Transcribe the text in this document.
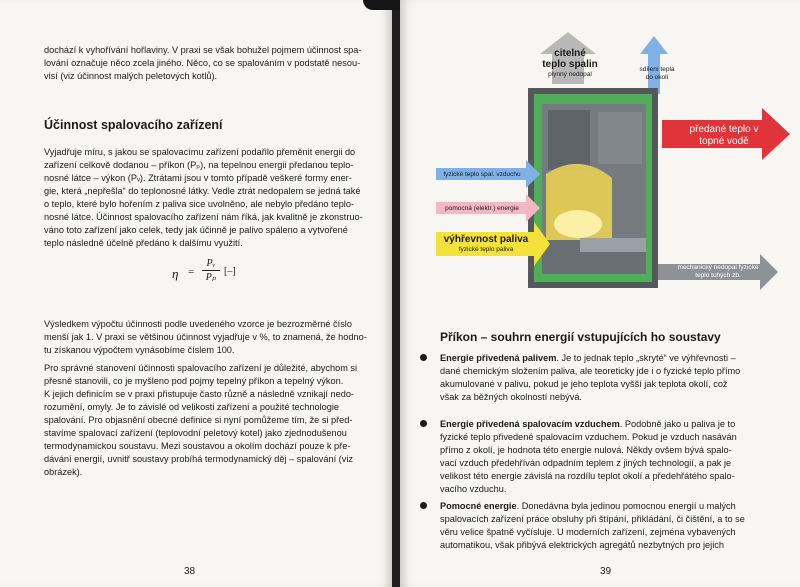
dochází k vyhořívání hořlaviny. V praxi se však bohužel pojmem účinnost spa-

lování označuje něco zcela jiného. Něco, co se spalováním v podstatě nesou-

visí (viz účinnost malých peletových kotlů).

Účinnost spalovacího zařízení

Vyjadřuje míru, s jakou se spalovacímu zařízení podařilo přeměnit energii do

zařízení celkově dodanou – příkon (Pₚ), na tepelnou energii předanou teplo-

nosné látce – výkon (Pᵥ). Ztrátami jsou v tomto případě veškeré formy ener-

gie, která „nepřešla“ do teplonosné látky. Vedle ztrát nedopalem se jedná také

o teplo, které bylo hořením z paliva sice uvolněno, ale nebylo předáno teplo-

nosné látce. Účinnost spalovacího zařízení nám říká, jak kvalitně je zkonstruo-

váno toto zařízení jako celek, tedy jak účinně je palivo spáleno a vytvořené

teplo následně účelně předáno k dalšímu využití.

η =
Pᵥ
Pₚ
[–]

Výsledkem výpočtu účinnosti podle uvedeného vzorce je bezrozměrné číslo

menší jak 1. V praxi se většinou účinnost vyjadřuje v %, to znamená, že hodno-

tu získanou výpočtem vynásobíme číslem 100.

Pro správné stanovení účinnosti spalovacího zařízení je důležité, abychom si

přesně stanovili, co je myšleno pod pojmy tepelný příkon a tepelný výkon.

K jejich definicím se v praxi přistupuje často různě a následně vznikají nedo-

rozumění, omyly. Je to závislé od velikosti zařízení a použité technologie

spalování. Pro objasnění obecné definice si nyní pomůžeme tím, že si před-

stavíme spalovací zařízení (teplovodní peletový kotel) jako zjednodušenou

termodynamickou soustavu. Mezi soustavou a okolím dochází pouze k pře-

dávání energií, uvnitř soustavy probíhá termodynamický děj – spalování (viz

obrázek).

38
citelné teplo spalin
plynný nedopal
sdílení tepla do okolí
předané teplo v topné vodě
fyzické teplo spal. vzduchu
pomocná (elektr.) energie
výhřevnost paliva
fyzické teplo paliva
mechanický nedopal fyzické teplo tuhých zb.
Příkon – souhrn energií vstupujících ho soustavy

Energie přivedená palivem. Je to jednak teplo „skryté“ ve výhřevnosti –

dané chemickým složením paliva, ale teoreticky jde i o fyzické teplo přímo

akumulované v palivu, pokud je jeho teplota vyšší jak teplota okolí, což

však za běžných okolností nebývá.

Energie přivedená spalovacím vzduchem. Podobně jako u paliva je to

fyzické teplo přivedené spalovacím vzduchem. Pokud je vzduch nasáván

přímo z okolí, je hodnota této energie nulová. Někdy ovšem bývá spalo-

vací vzduch předehříván odpadním teplem z jiných technologií, a pak je

velikost této energie závislá na rozdílu teplot okolí a předehřátého spalo-

vacího vzduchu.

Pomocné energie. Donedávna byla jedinou pomocnou energií u malých

spalovacích zařízení práce obsluhy při štípání, přikládání, či čištění, a to se

věru velice špatně vyčísluje. U moderních zařízení, zejména vybavených

automatikou, však přibývá elektrických agregátů nezbytných pro jejich

39
